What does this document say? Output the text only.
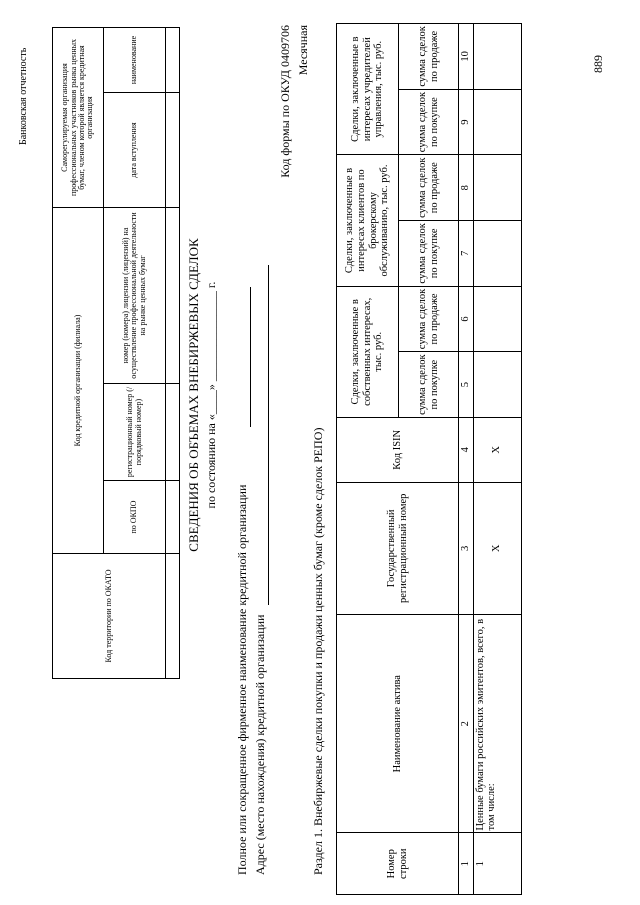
889
Банковская отчетность
Код территории по ОКАТО	Код кредитной организации (филиала)			Саморегулируемая организация профессиональных участников рынка ценных бумаг, членом которой является кредитная организация	
	по ОКПО	регистрационный номер (/порядковый номер)	номер (номера) лицензии (лицензий) на осуществление профессиональной деятельности на рынке ценных бумаг	дата вступления	наименование

СВЕДЕНИЯ ОБ ОБЪЕМАХ ВНЕБИРЖЕВЫХ СДЕЛОК по состоянию на «____» _______________ г.
Полное или сокращенное фирменное наименование кредитной организации Адрес (место нахождения) кредитной организации
Код формы по ОКУД 0409706 Месячная
Раздел 1. Внебиржевые сделки покупки и продажи ценных бумаг (кроме сделок РЕПО)	Номер строки	Наименование актива	Государственный регистрационный номер	Код ISIN	Сделки, заключенные в собственных интересах, тыс. руб.		Сделки, заключенные в интересах клиентов по брокерскому обслуживанию, тыс. руб.		Сделки, заключенные в интересах учредителей управления, тыс. руб.	
				сумма сделок по покупке	сумма сделок по продаже	сумма сделок по покупке	сумма сделок по продаже	сумма сделок по покупке	сумма сделок по продаже
1	2	3	4	5	6	7	8	9	10
1	Ценные бумаги российских эмитентов, всего, в том числе:	Х	Х						
